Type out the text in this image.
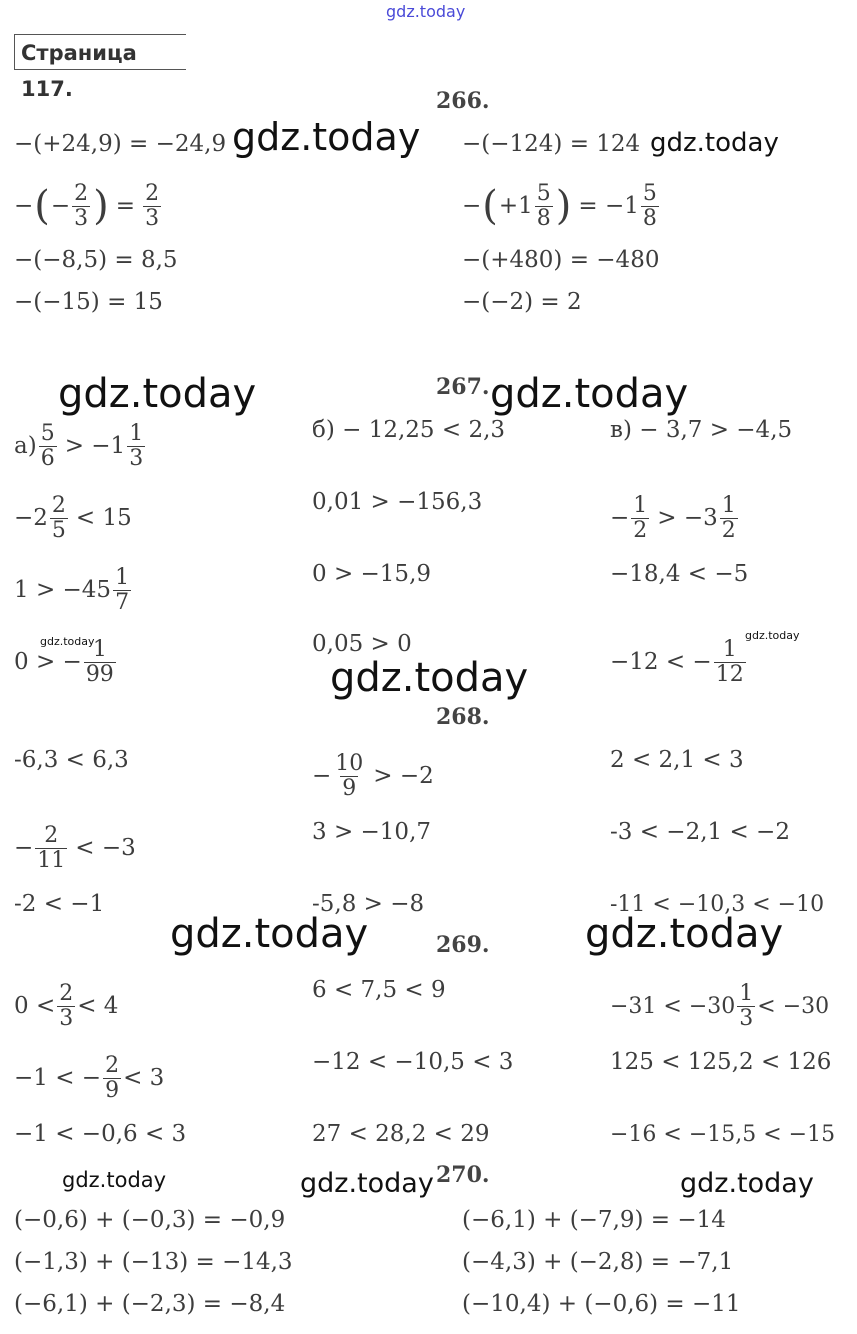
gdz.today
gdz.today	gdz.today
gdz.today	gdz.today
gdz.today	gdz.today
gdz.today
gdz.today	gdz.today
gdz.today	gdz.today	gdz.today
Страница 117.	266.
267.
268.
269.
270.
−(+24,9) = −24,9
− ( − $\frac{2}{3}$ ) = $\frac{2}{3}$
−(−8,5) = 8,5
−(−15) = 15
−(−124) = 124
− ( $+1 \frac{5}{8}$ ) = $-1 \frac{5}{8}$
−(+480) = −480
−(−2) = 2
$а) \frac{5}{6} > -1 \frac{1}{3}$
$-2 \frac{2}{5} < 15$
$1 > -45 \frac{1}{7}$
0 > − $\frac{1}{99}$
б) − 12,25 < 2,3
0,01 > −156,3
0 > −15,9
0,05 > 0
в) − 3,7 > −4,5
− $\frac{1}{2} > -3 \frac{1}{2}$
−18,4 < −5
−12 < − $\frac{1}{12}$
-6,3 < 6,3
− $\frac{2}{11} < -3$
-2 < −1
− $\frac{10}{9} > -2$
3 > −10,7
-5,8 > −8
2 < 2,1 < 3
-3 < −2,1 < −2
-11 < −10,3 < −10
$0 < \frac{2}{3} < 4$
−1 < − $\frac{2}{9} < 3$
−1 < −0,6 < 3
6 < 7,5 < 9
−12 < −10,5 < 3
27 < 28,2 < 29
$-31 < -30 \frac{1}{3} < -30$
125 < 125,2 < 126
−16 < −15,5 < −15
(−0,6) + (−0,3) = −0,9
(−1,3) + (−13) = −14,3
(−6,1) + (−2,3) = −8,4
(−6,1) + (−7,9) = −14
(−4,3) + (−2,8) = −7,1
(−10,4) + (−0,6) = −11
